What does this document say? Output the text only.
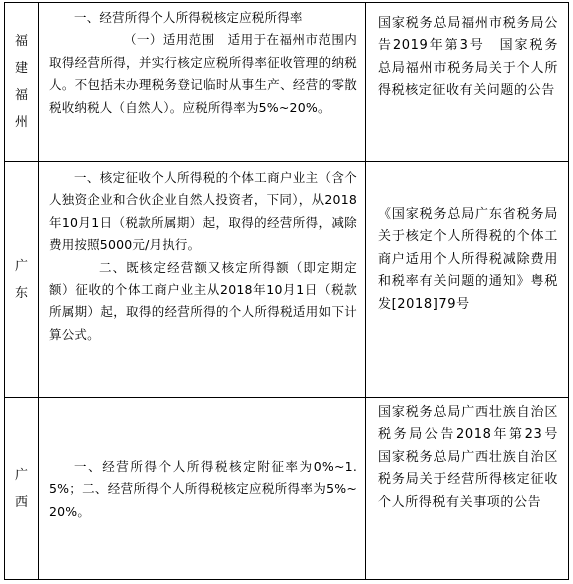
福建福州

一、经营所得个人所得税核定应税所得率

（一）适用范围　适用于在福州市范围内取得经营所得，并实行核定应税所得率征收管理的纳税人。不包括未办理税务登记临时从事生产、经营的零散税收纳税人（自然人）。应税所得率为5%~20%。

国家税务总局福州市税务局公告2019年第3号　国家税务总局福州市税务局关于个人所得税核定征收有关问题的公告
广东

一、核定征收个人所得税的个体工商户业主（含个人独资企业和合伙企业自然人投资者，下同），从2018年10月1日（税款所属期）起，取得的经营所得，减除费用按照5000元/月执行。

二、既核定经营额又核定所得额（即定期定额）征收的个体工商户业主从2018年10月1日（税款所属期）起，取得的经营所得的个人所得税适用如下计算公式。

《国家税务总局广东省税务局关于核定个人所得税的个体工商户适用个人所得税减除费用和税率有关问题的通知》粤税发[2018]79号
广西

一、经营所得个人所得税核定附征率为0%~1.5%；二、经营所得个人所得税核定应税所得率为5%~20%。

国家税务总局广西壮族自治区税务局公告2018年第23号　国家税务总局广西壮族自治区税务局关于经营所得核定征收个人所得税有关事项的公告
